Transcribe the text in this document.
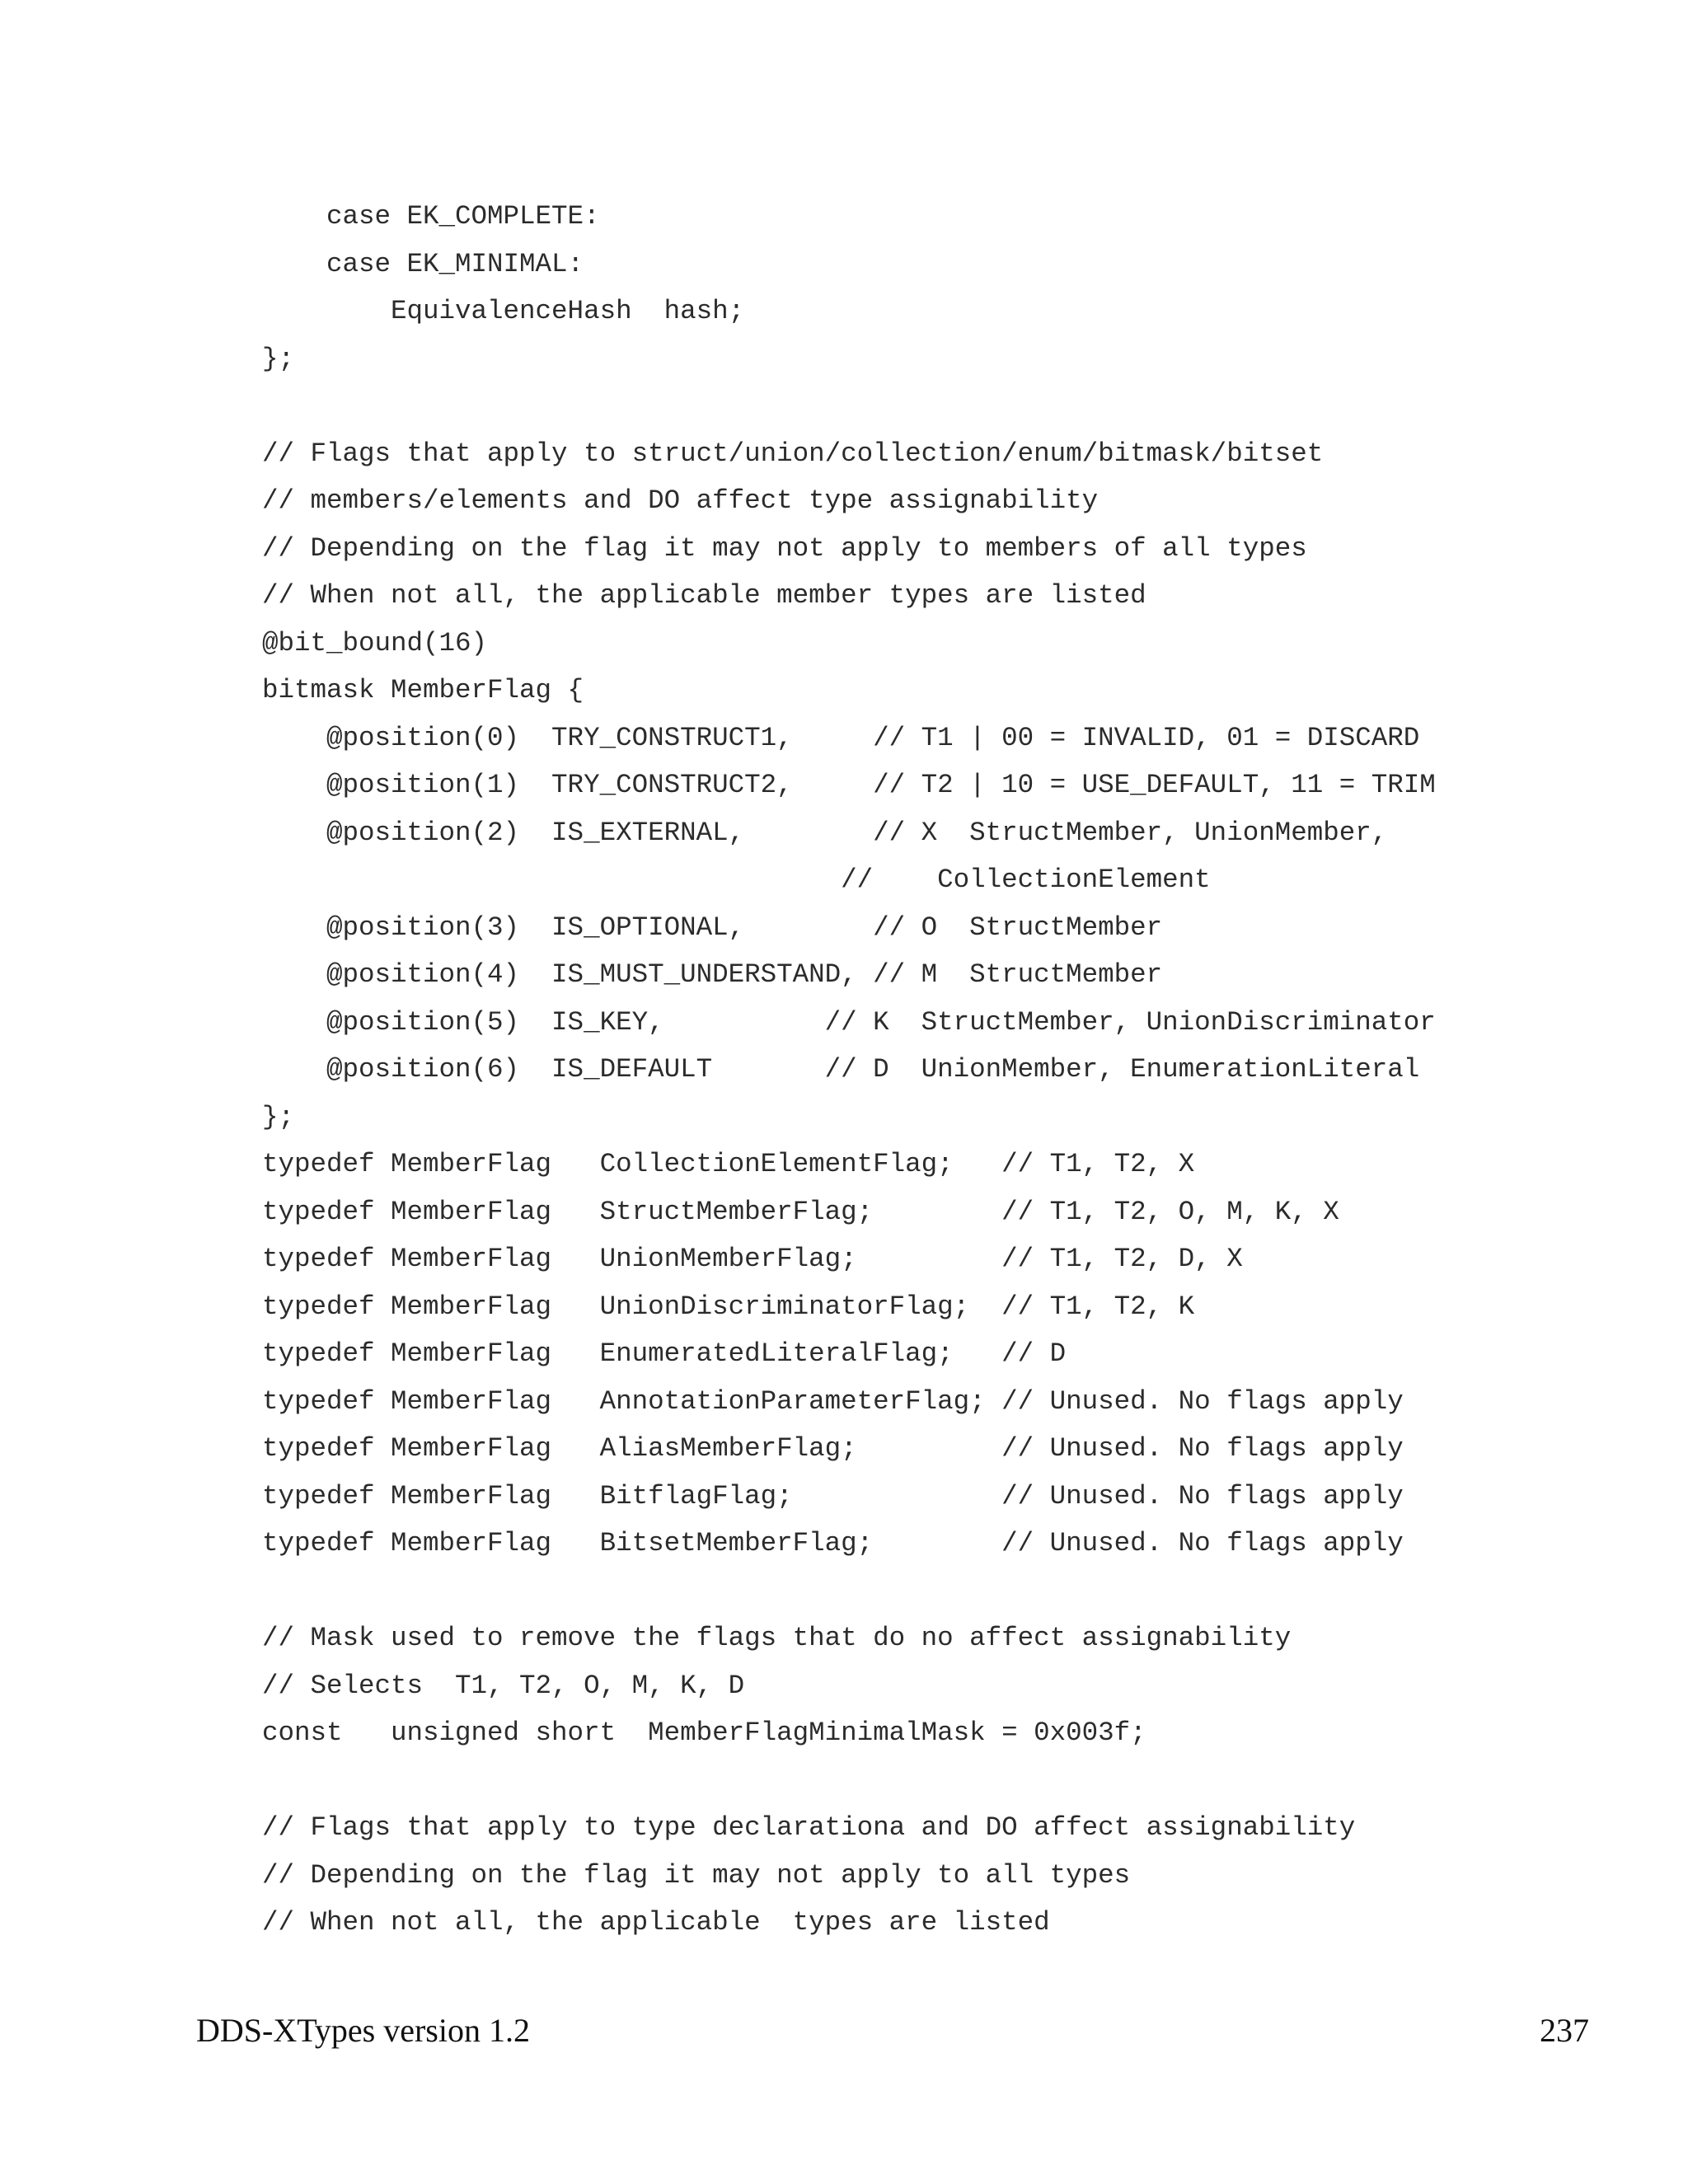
case EK_COMPLETE:
case EK_MINIMAL:
EquivalenceHash  hash;
};
// Flags that apply to struct/union/collection/enum/bitmask/bitset
// members/elements and DO affect type assignability
// Depending on the flag it may not apply to members of all types
// When not all, the applicable member types are listed
@bit_bound(16)
bitmask MemberFlag {
@position(0)  TRY_CONSTRUCT1,     // T1 | 00 = INVALID, 01 = DISCARD
@position(1)  TRY_CONSTRUCT2,     // T2 | 10 = USE_DEFAULT, 11 = TRIM
@position(2)  IS_EXTERNAL,        // X  StructMember, UnionMember,
//    CollectionElement
@position(3)  IS_OPTIONAL,        // O  StructMember
@position(4)  IS_MUST_UNDERSTAND, // M  StructMember
@position(5)  IS_KEY,          // K  StructMember, UnionDiscriminator
@position(6)  IS_DEFAULT       // D  UnionMember, EnumerationLiteral
};
typedef MemberFlag   CollectionElementFlag;   // T1, T2, X
typedef MemberFlag   StructMemberFlag;        // T1, T2, O, M, K, X
typedef MemberFlag   UnionMemberFlag;         // T1, T2, D, X
typedef MemberFlag   UnionDiscriminatorFlag;  // T1, T2, K
typedef MemberFlag   EnumeratedLiteralFlag;   // D
typedef MemberFlag   AnnotationParameterFlag; // Unused. No flags apply
typedef MemberFlag   AliasMemberFlag;         // Unused. No flags apply
typedef MemberFlag   BitflagFlag;             // Unused. No flags apply
typedef MemberFlag   BitsetMemberFlag;        // Unused. No flags apply
// Mask used to remove the flags that do no affect assignability
// Selects  T1, T2, O, M, K, D
const   unsigned short  MemberFlagMinimalMask = 0x003f;
// Flags that apply to type declarationa and DO affect assignability
// Depending on the flag it may not apply to all types
// When not all, the applicable  types are listed
DDS-XTypes version 1.2	237
